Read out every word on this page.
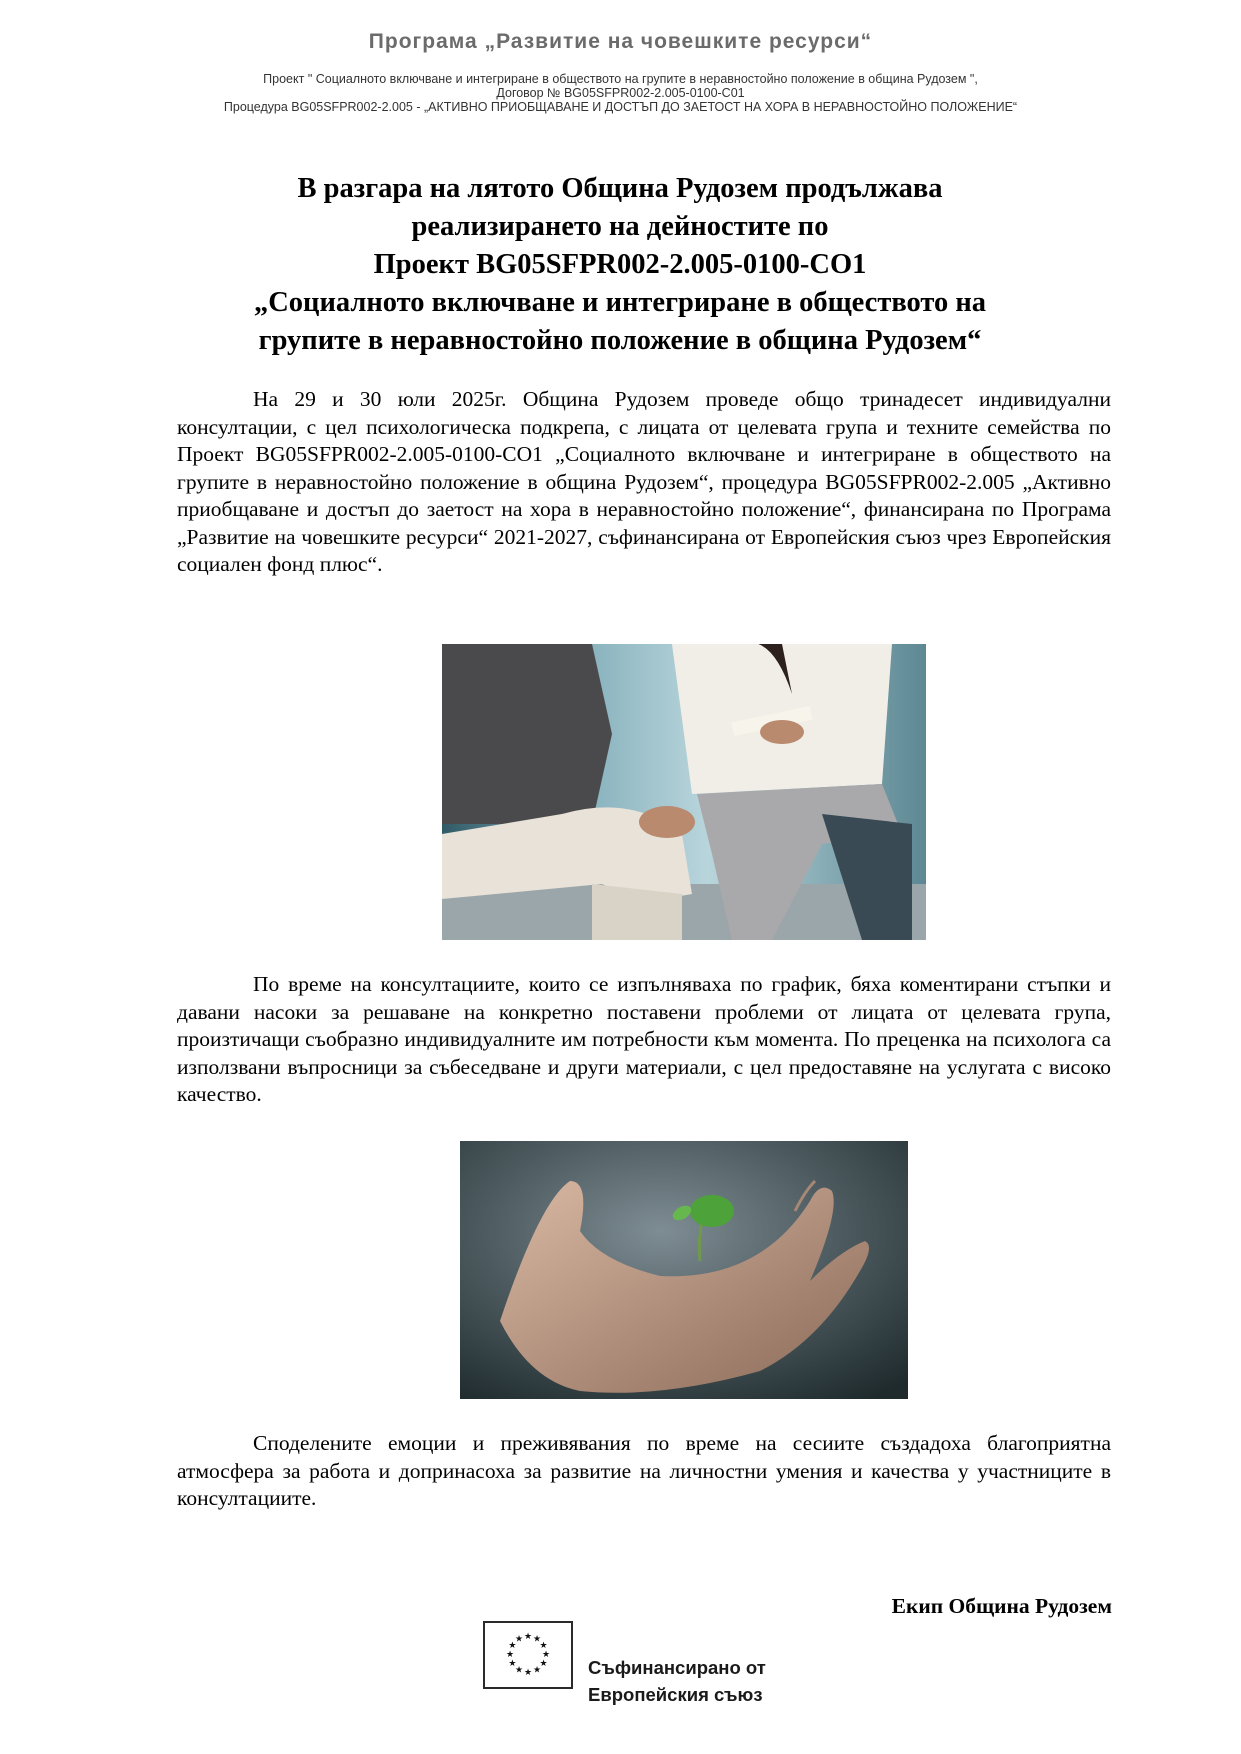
Програма „Развитие на човешките ресурси“
Проект " Социалното включване и интегриране в обществото на групите в неравностойно положение в община Рудозем ",
Договор № BG05SFPR002-2.005-0100-C01
Процедура BG05SFPR002-2.005 - „АКТИВНО ПРИОБЩАВАНЕ И ДОСТЪП ДО ЗАЕТОСТ НА ХОРА В НЕРАВНОСТОЙНО ПОЛОЖЕНИЕ“
В разгара на лятото Община Рудозем продължава
реализирането на дейностите по
Проект BG05SFPR002-2.005-0100-СО1
„Социалното включване и интегриране в обществото на
групите в неравностойно положение в община Рудозем“
На 29 и 30 юли 2025г. Община Рудозем проведе общо тринадесет индивидуални консултации, с цел психологическа подкрепа, с лицата от целевата група и техните семейства по Проект BG05SFPR002-2.005-0100-СО1 „Социалното включване и интегриране в обществото на групите в неравностойно положение в община Рудозем“, процедура BG05SFPR002-2.005 „Активно приобщаване и достъп до заетост на хора в неравностойно положение“, финансирана по Програма „Развитие на човешките ресурси“ 2021-2027, съфинансирана от Европейския съюз чрез Европейския социален фонд плюс“.
По време на консултациите, които се изпълняваха по график, бяха коментирани стъпки и давани насоки за решаване на конкретно поставени проблеми от лицата от целевата група, произтичащи съобразно индивидуалните им потребности към момента. По преценка на психолога са използвани въпросници за събеседване и други материали, с цел предоставяне на услугата с високо качество.
Споделените емоции и преживявания по време на сесиите създадоха благоприятна атмосфера за работа и допринасоха за развитие на личностни умения и качества у участниците в консултациите.
Екип Община Рудозем
★ ★
★
★
★
★
★
★
★
★
★
★
Съфинансирано от
Европейския съюз
